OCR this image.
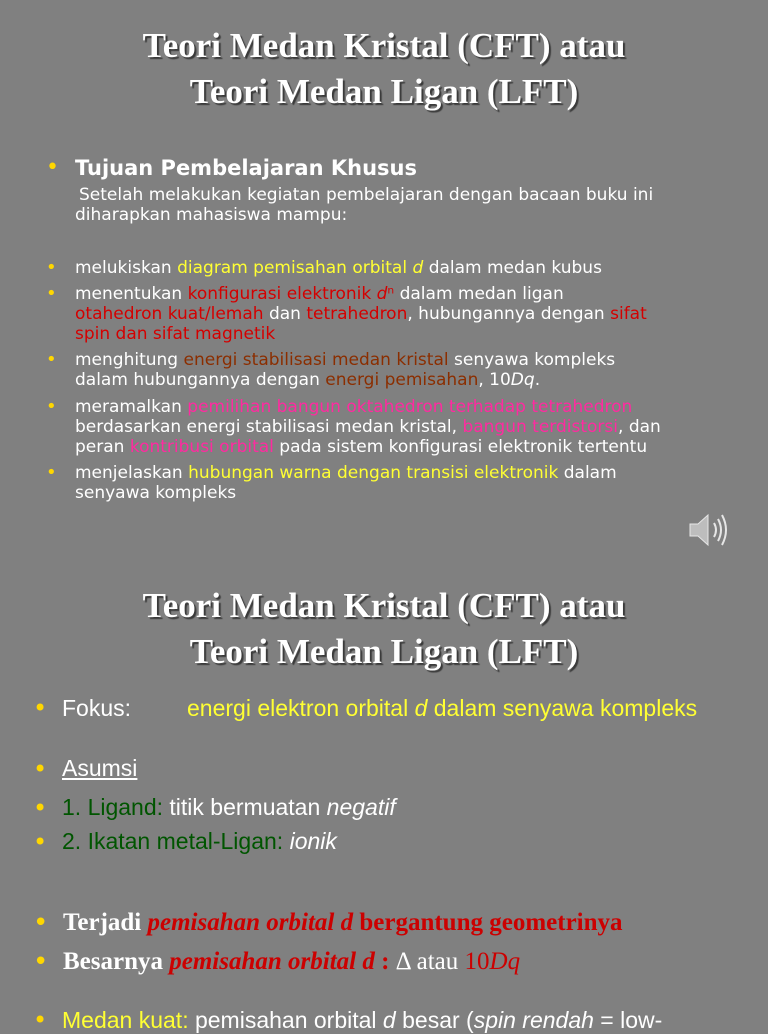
Teori Medan Kristal (CFT) atau
Teori Medan Ligan (LFT)
• Tujuan Pembelajaran Khusus
Setelah melakukan kegiatan pembelajaran dengan bacaan buku ini
diharapkan mahasiswa mampu:
• melukiskan diagram pemisahan orbital d dalam medan kubus
• menentukan konfigurasi elektronik dⁿ dalam medan ligan
otahedron kuat/lemah dan tetrahedron, hubungannya dengan sifat
spin dan sifat magnetik
• menghitung energi stabilisasi medan kristal senyawa kompleks
dalam hubungannya dengan energi pemisahan, 10Dq.
• meramalkan pemilihan bangun oktahedron terhadap tetrahedron
berdasarkan energi stabilisasi medan kristal, bangun terdistorsi, dan
peran kontribusi orbital pada sistem konfigurasi elektronik tertentu
• menjelaskan hubungan warna dengan transisi elektronik dalam
senyawa kompleks
Teori Medan Kristal (CFT) atau
Teori Medan Ligan (LFT)
• Fokus: energi elektron orbital d dalam senyawa kompleks
• Asumsi
• 1. Ligand: titik bermuatan negatif
• 2. Ikatan metal-Ligan: ionik
• Terjadi pemisahan orbital d bergantung geometrinya
• Besarnya pemisahan orbital d : Δ atau 10Dq
• Medan kuat: pemisahan orbital d besar (spin rendah = low-
